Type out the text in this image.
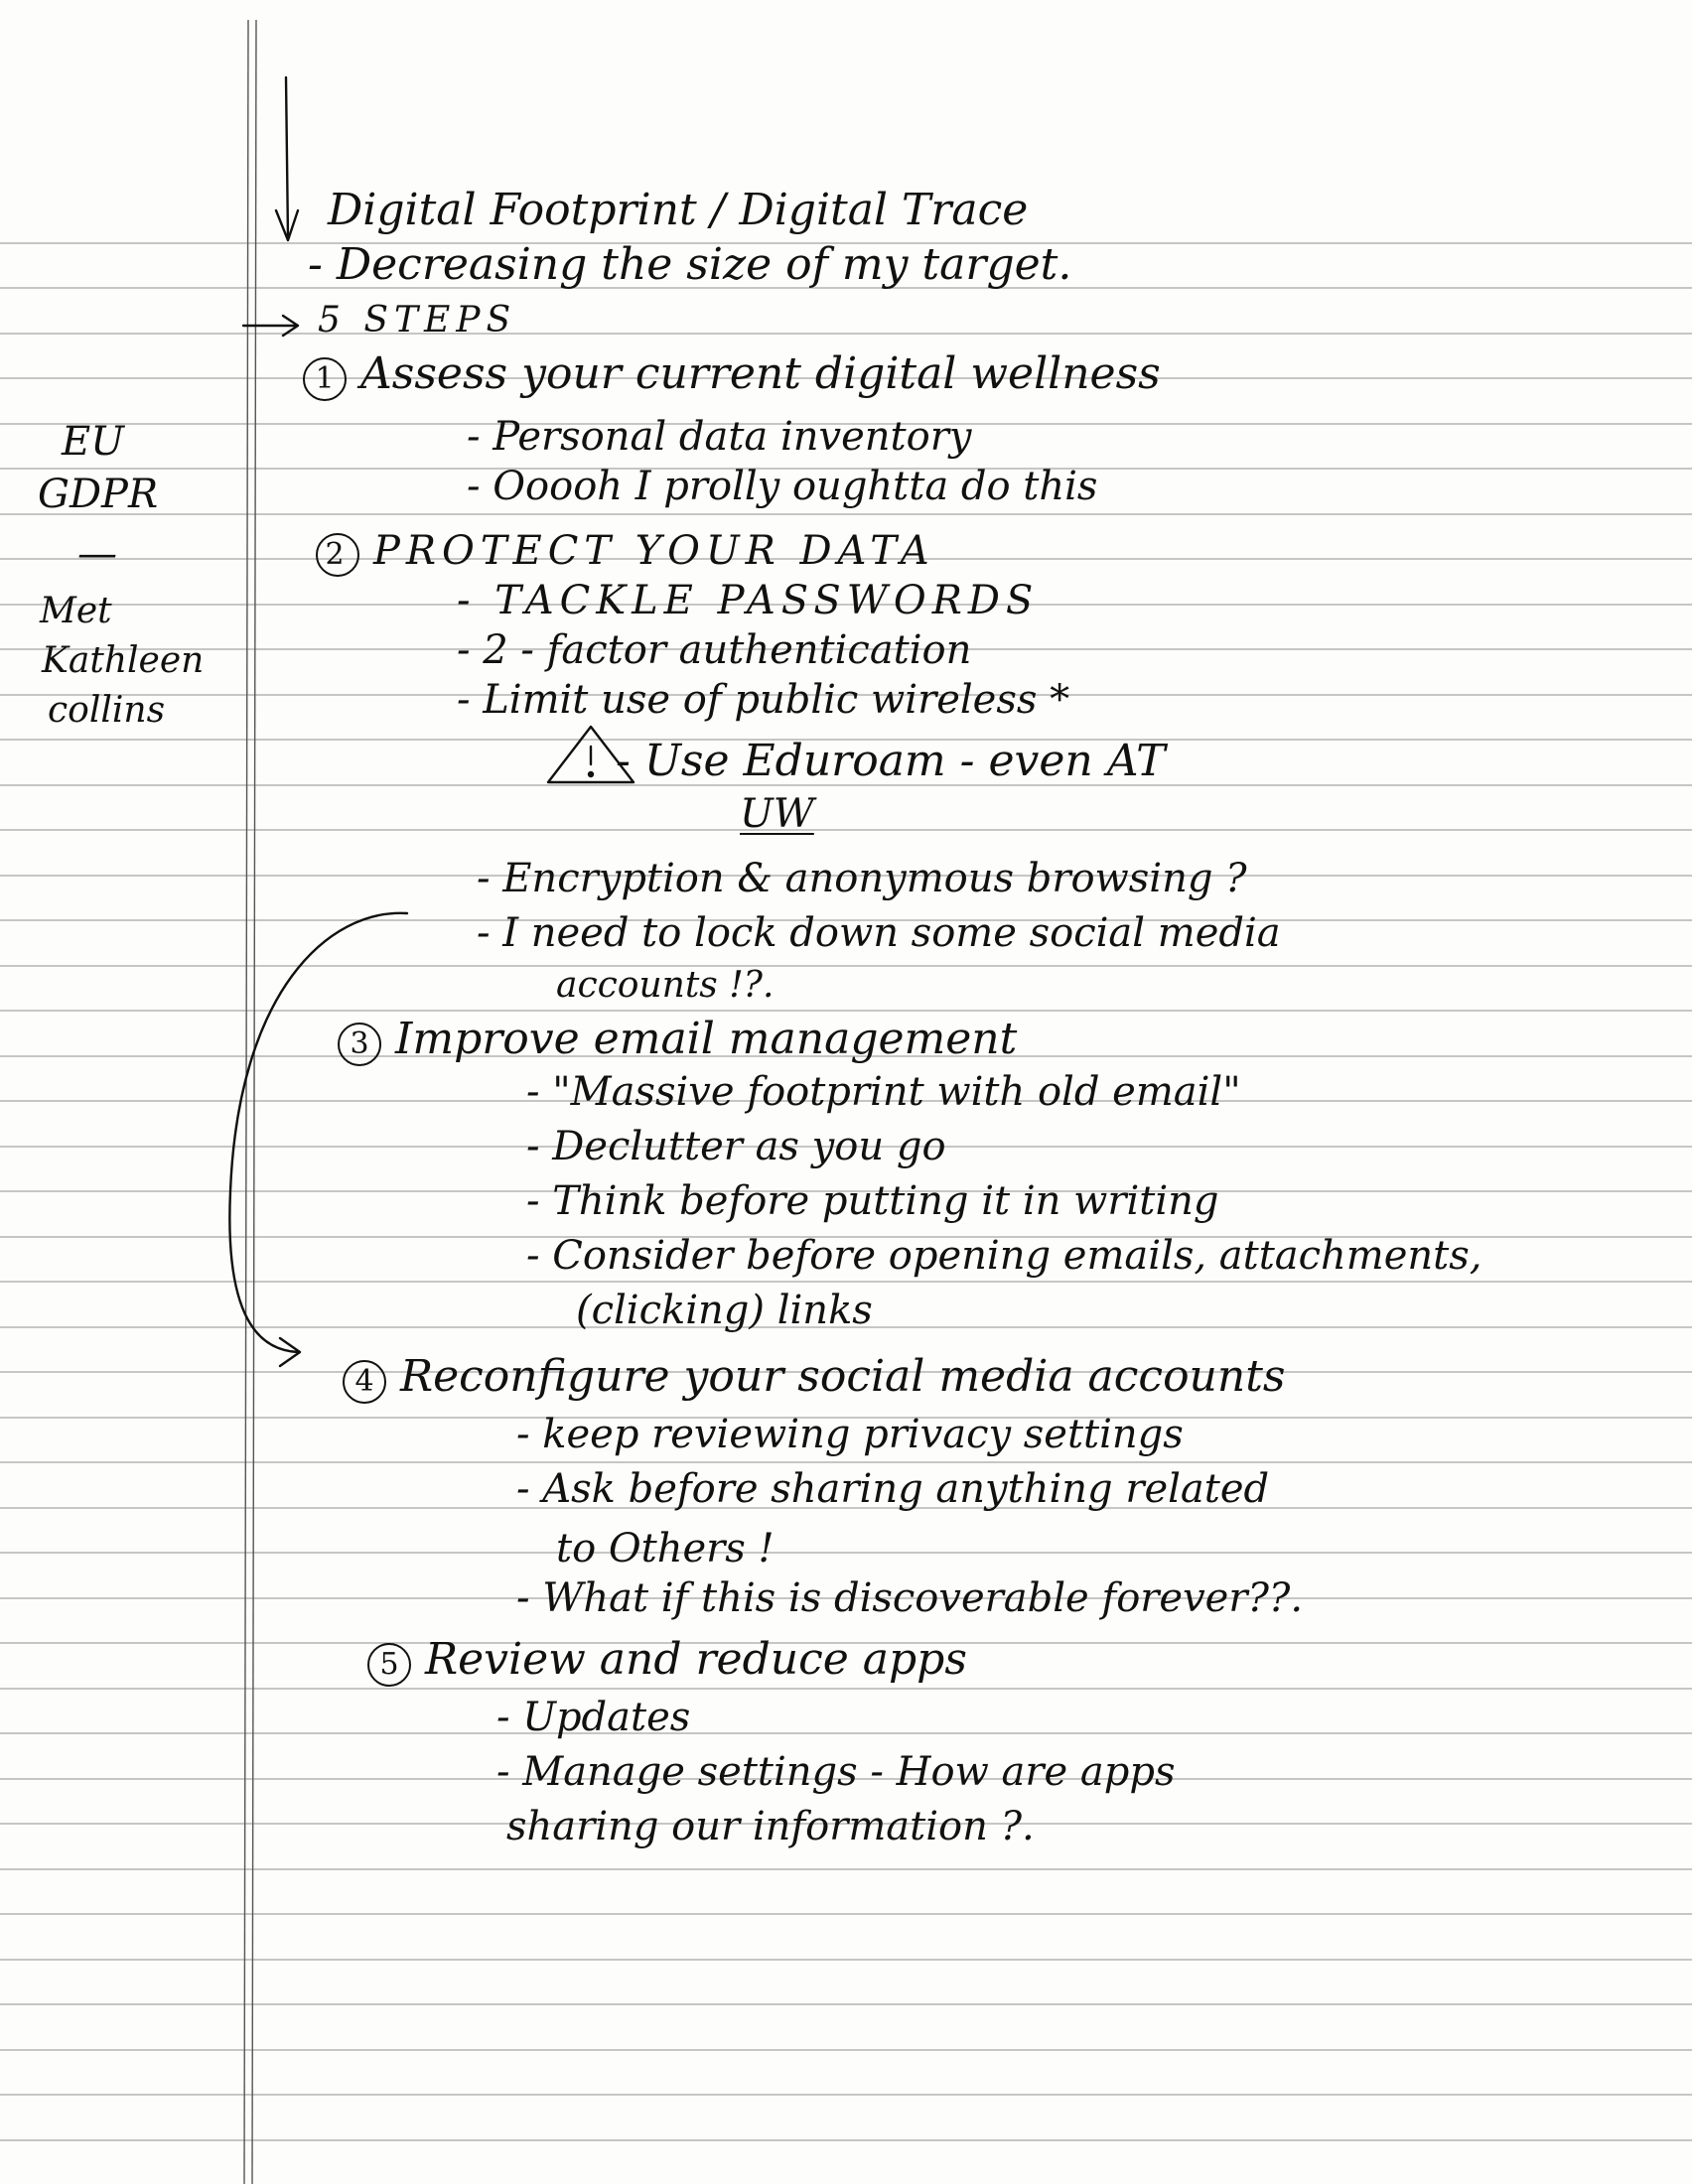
Digital Footprint / Digital Trace
- Decreasing the size of my target.
5 STEPS
EU
GDPR
—
Met
Kathleen
collins
1 Assess your current digital wellness
- Personal data inventory
- Ooooh I prolly oughtta do this
2 PROTECT YOUR DATA
- TACKLE PASSWORDS
- 2 - factor authentication
- Limit use of public wireless *
- Use Eduroam - even AT
UW
- Encryption & anonymous browsing ?
- I need to lock down some social media
accounts !?.
3 Improve email management
- "Massive footprint with old email"
- Declutter as you go
- Think before putting it in writing
- Consider before opening emails, attachments,
(clicking) links
4 Reconfigure your social media accounts
- keep reviewing privacy settings
- Ask before sharing anything related
to Others !
- What if this is discoverable forever??.
5 Review and reduce apps
- Updates
- Manage settings - How are apps
sharing our information ?.
